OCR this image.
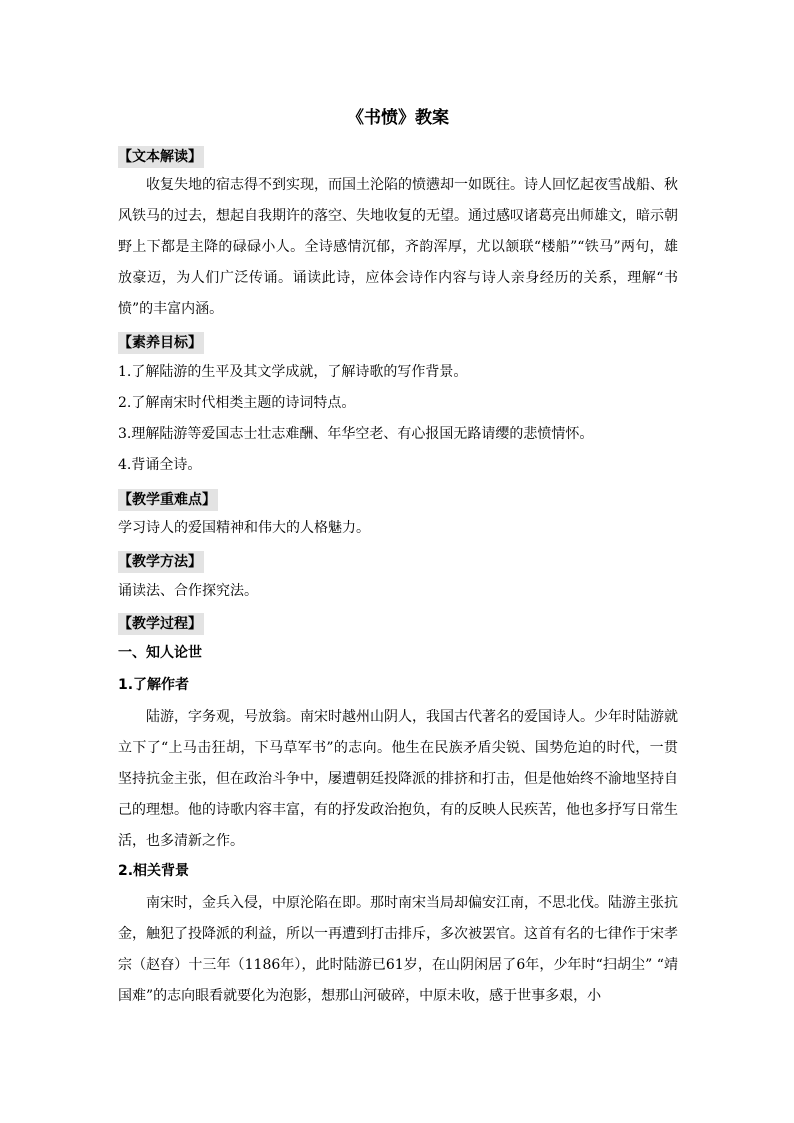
《书愤》教案
【文本解读】

收复失地的宿志得不到实现，而国土沦陷的愤懑却一如既往。诗人回忆起夜雪战船、秋风铁马的过去，想起自我期许的落空、失地收复的无望。通过感叹诸葛亮出师雄文，暗示朝野上下都是主降的碌碌小人。全诗感情沉郁，齐韵浑厚，尤以颔联“楼船”“铁马”两句，雄放豪迈，为人们广泛传诵。诵读此诗，应体会诗作内容与诗人亲身经历的关系，理解“书愤”的丰富内涵。

【素养目标】

1.了解陆游的生平及其文学成就，了解诗歌的写作背景。

2.了解南宋时代相类主题的诗词特点。

3.理解陆游等爱国志士壮志难酬、年华空老、有心报国无路请缨的悲愤情怀。

4.背诵全诗。

【教学重难点】

学习诗人的爱国精神和伟大的人格魅力。

【教学方法】

诵读法、合作探究法。

【教学过程】

一、知人论世

1.了解作者

陆游，字务观，号放翁。南宋时越州山阴人，我国古代著名的爱国诗人。少年时陆游就立下了“上马击狂胡，下马草军书”的志向。他生在民族矛盾尖锐、国势危迫的时代，一贯坚持抗金主张，但在政治斗争中，屡遭朝廷投降派的排挤和打击，但是他始终不渝地坚持自己的理想。他的诗歌内容丰富，有的抒发政治抱负，有的反映人民疾苦，他也多抒写日常生活，也多清新之作。

2.相关背景

南宋时，金兵入侵，中原沦陷在即。那时南宋当局却偏安江南，不思北伐。陆游主张抗金，触犯了投降派的利益，所以一再遭到打击排斥，多次被罢官。这首有名的七律作于宋孝宗（赵昚）十三年（1186年），此时陆游已61岁，在山阴闲居了6年，少年时“扫胡尘” “靖国难”的志向眼看就要化为泡影，想那山河破碎，中原未收，感于世事多艰，小
